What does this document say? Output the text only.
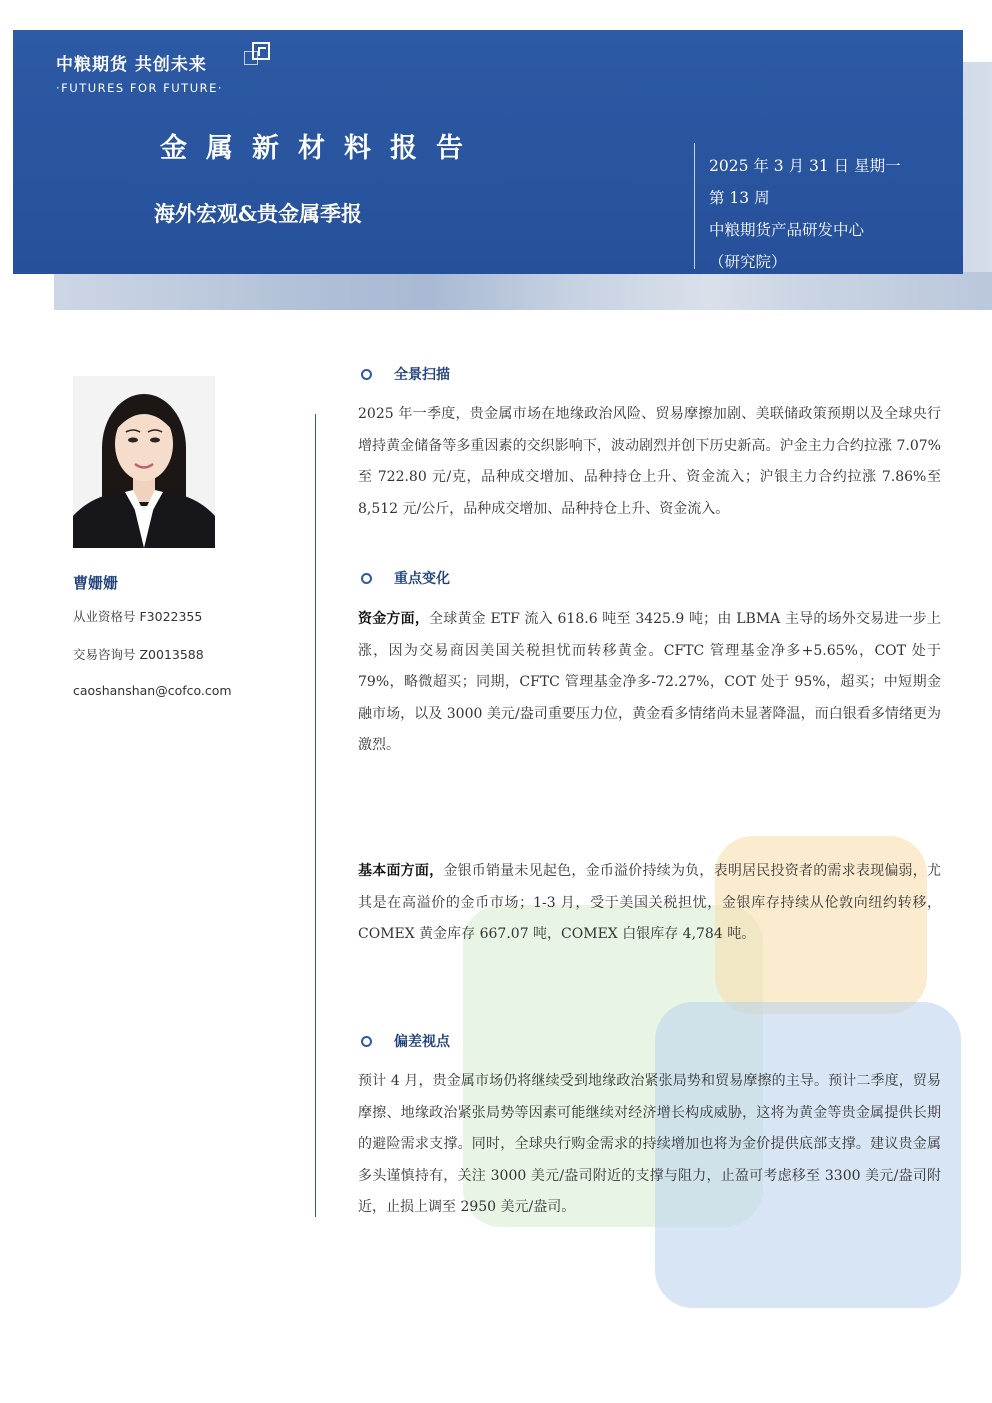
中粮期货 共创未来
·FUTURES FOR FUTURE·
金属新材料报告
海外宏观&贵金属季报
2025 年 3 月 31 日 星期一
第 13 周
中粮期货产品研发中心
（研究院）
曹姗姗
从业资格号 F3022355
交易咨询号 Z0013588
caoshanshan@cofco.com
全景扫描
2025 年一季度，贵金属市场在地缘政治风险、贸易摩擦加剧、美联储政策预期以及全球央行增持黄金储备等多重因素的交织影响下，波动剧烈并创下历史新高。沪金主力合约拉涨 7.07%至 722.80 元/克，品种成交增加、品种持仓上升、资金流入；沪银主力合约拉涨 7.86%至 8,512 元/公斤，品种成交增加、品种持仓上升、资金流入。
重点变化
资金方面，全球黄金 ETF 流入 618.6 吨至 3425.9 吨；由 LBMA 主导的场外交易进一步上涨，因为交易商因美国关税担忧而转移黄金。CFTC 管理基金净多+5.65%，COT 处于 79%，略微超买；同期，CFTC 管理基金净多-72.27%，COT 处于 95%，超买；中短期金融市场，以及 3000 美元/盎司重要压力位，黄金看多情绪尚未显著降温，而白银看多情绪更为激烈。
基本面方面，金银币销量未见起色，金币溢价持续为负，表明居民投资者的需求表现偏弱，尤其是在高溢价的金币市场；1-3 月，受于美国关税担忧，金银库存持续从伦敦向纽约转移，COMEX 黄金库存 667.07 吨，COMEX 白银库存 4,784 吨。
偏差视点
预计 4 月，贵金属市场仍将继续受到地缘政治紧张局势和贸易摩擦的主导。预计二季度，贸易摩擦、地缘政治紧张局势等因素可能继续对经济增长构成威胁，这将为黄金等贵金属提供长期的避险需求支撑。同时，全球央行购金需求的持续增加也将为金价提供底部支撑。建议贵金属多头谨慎持有，关注 3000 美元/盎司附近的支撑与阻力，止盈可考虑移至 3300 美元/盎司附近，止损上调至 2950 美元/盎司。
